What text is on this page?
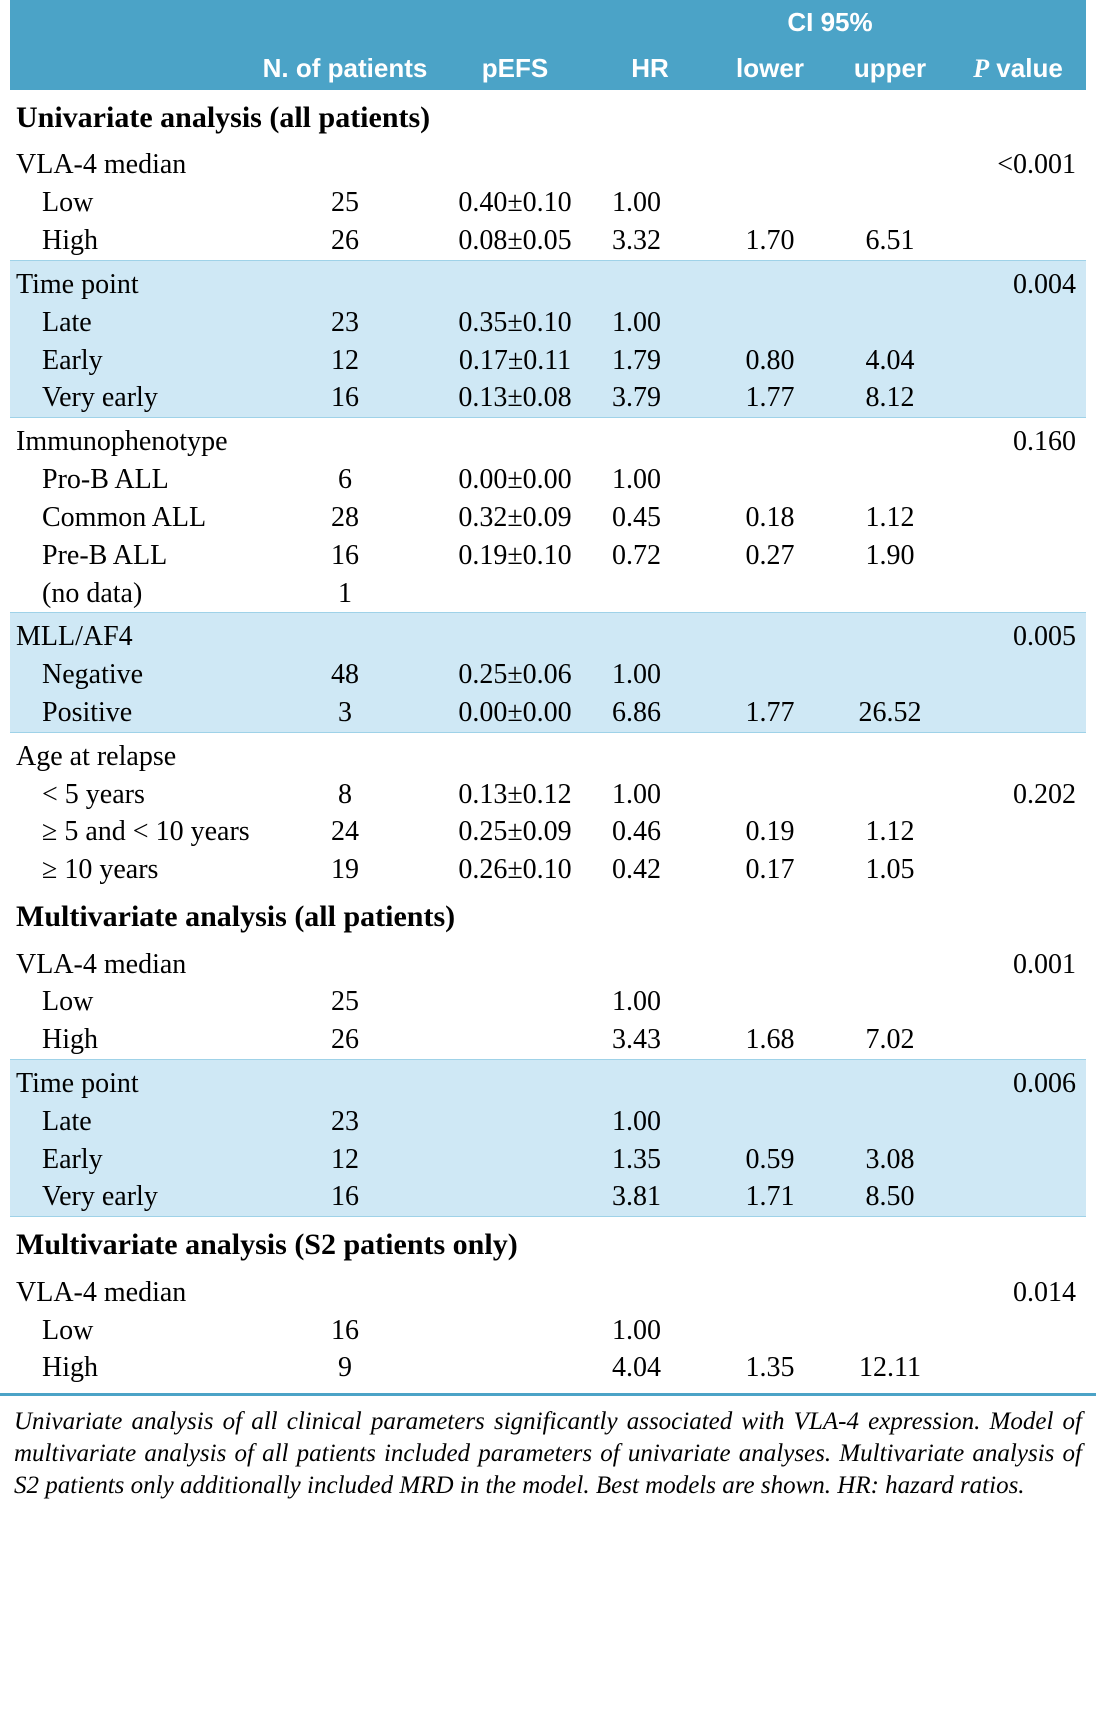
				CI 95%		
	N. of patients	pEFS	HR	lower	upper	P value
Univariate analysis (all patients)						
VLA-4 median						<0.001
Low	25	0.40±0.10	1.00			
High	26	0.08±0.05	3.32	1.70	6.51	
Time point						0.004
Late	23	0.35±0.10	1.00			
Early	12	0.17±0.11	1.79	0.80	4.04	
Very early	16	0.13±0.08	3.79	1.77	8.12	
Immunophenotype						0.160
Pro-B ALL	6	0.00±0.00	1.00			
Common ALL	28	0.32±0.09	0.45	0.18	1.12	
Pre-B ALL	16	0.19±0.10	0.72	0.27	1.90	
(no data)	1					
MLL/AF4						0.005
Negative	48	0.25±0.06	1.00			
Positive	3	0.00±0.00	6.86	1.77	26.52	
Age at relapse						
< 5 years	8	0.13±0.12	1.00			0.202
≥ 5 and < 10 years	24	0.25±0.09	0.46	0.19	1.12	
≥ 10 years	19	0.26±0.10	0.42	0.17	1.05	
Multivariate analysis (all patients)						
VLA-4 median						0.001
Low	25		1.00			
High	26		3.43	1.68	7.02	
Time point						0.006
Late	23		1.00			
Early	12		1.35	0.59	3.08	
Very early	16		3.81	1.71	8.50	
Multivariate analysis (S2 patients only)						
VLA-4 median						0.014
Low	16		1.00			
High	9		4.04	1.35	12.11	

Univariate analysis of all clinical parameters significantly associated with VLA-4 expression. Model of multivariate analysis of all patients included parameters of univariate analyses. Multivariate analysis of S2 patients only additionally included MRD in the model. Best models are shown. HR: hazard ratios.
